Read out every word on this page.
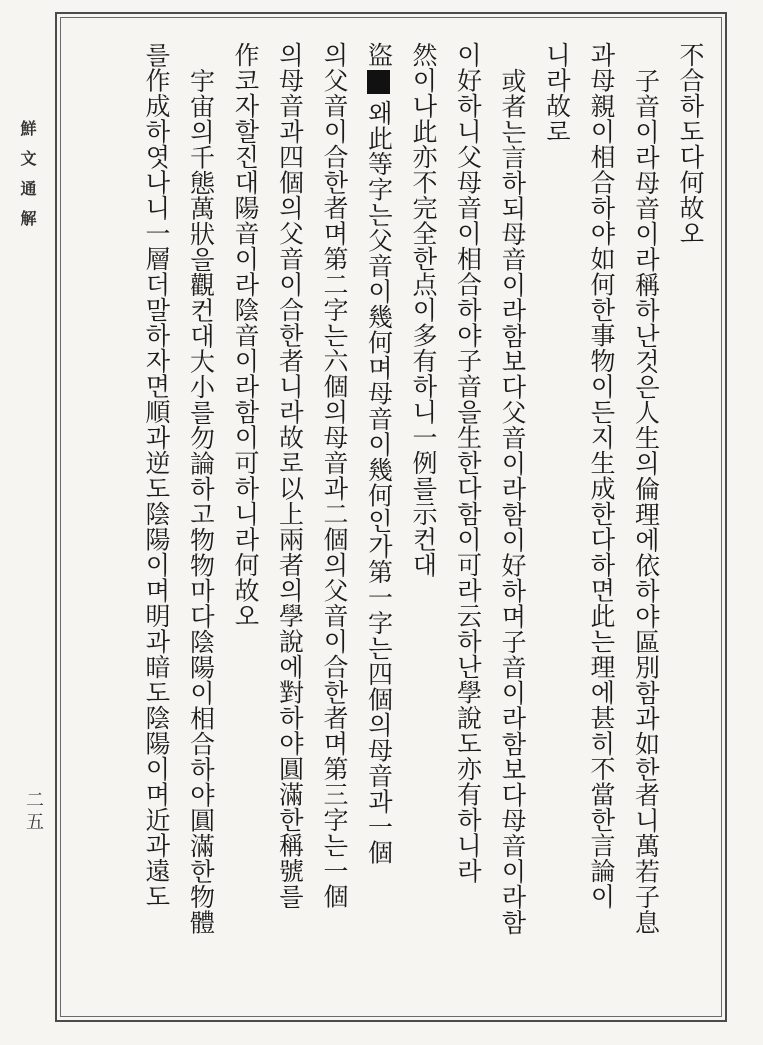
鮮文通解
二五
不合하도다何故오
子音이라母音이라稱하난것은人生의倫理에依하야區別함과如한者니萬若子息
과母親이相合하야如何한事物이든지生成한다하면此는理에甚히不當한言論이
니라故로
或者는言하되母音이라함보다父音이라함이好하며子音이라함보다母音이라함
이好하니父母音이相合하야子音을生한다함이可라云하난學說도亦有하니라
然이나此亦不完全한点이多有하니一例를示컨대
盜왜此等字는父音이幾何며母音이幾何인가第一字는四個의母音과一個
의父音이合한者며第二字는六個의母音과二個의父音이合한者며第三字는一個
의母音과四個의父音이合한者니라故로以上兩者의學說에對하야圓滿한稱號를
作코자할진대陽音이라陰音이라함이可하니라何故오
宇宙의千態萬狀을觀컨대大小를勿論하고物物마다陰陽이相合하야圓滿한物體
를作成하엿나니一層더말하자면順과逆도陰陽이며明과暗도陰陽이며近과遠도
